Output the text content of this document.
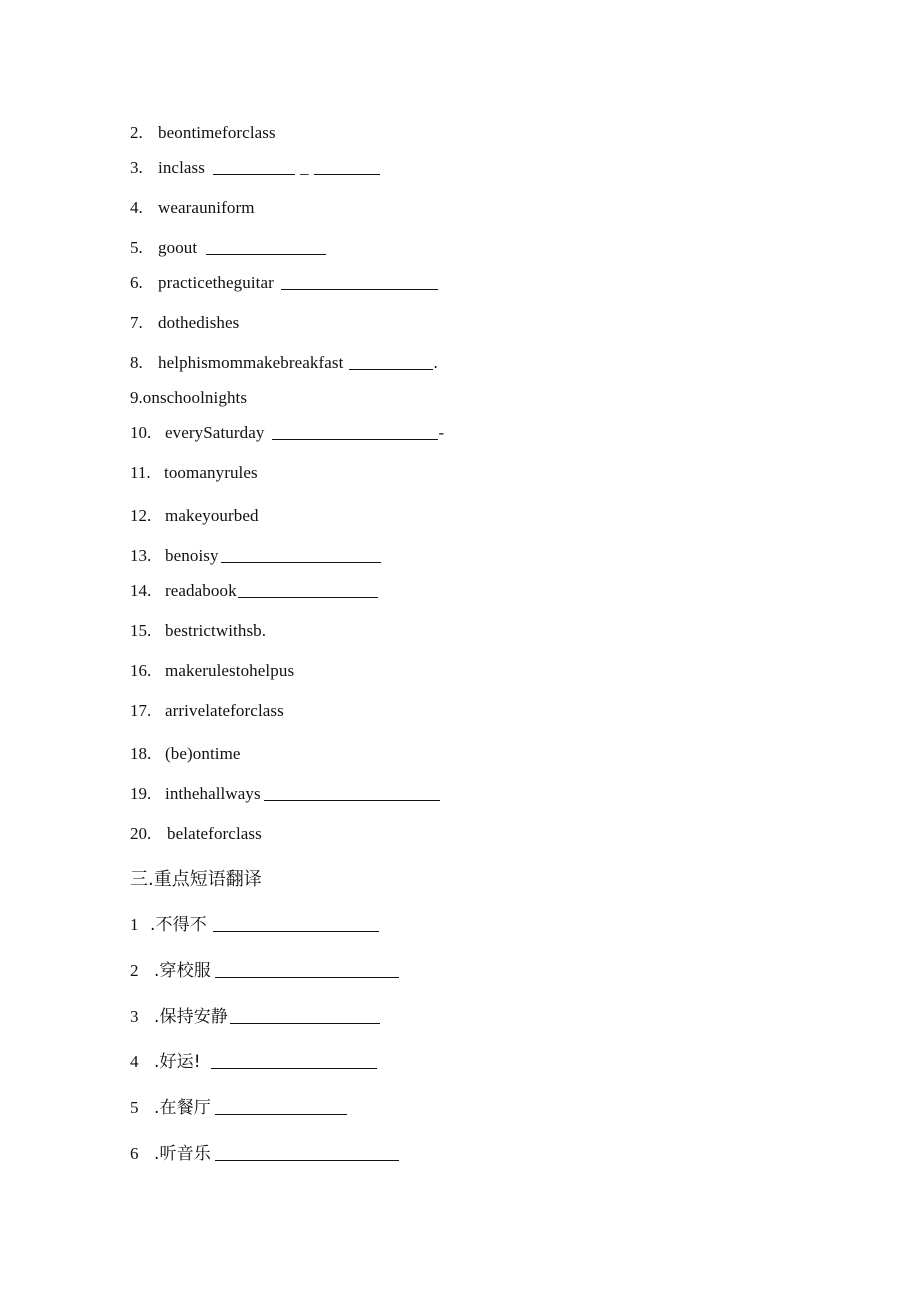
2. beontimeforclass
3. inclass	_
4. wearauniform
5. goout
6. practicetheguitar
7. dothedishes
8. helphismommakebreakfast	.
9. onschoolnights
10. everySaturday	-
11. toomanyrules
12. makeyourbed
13. benoisy
14. readabook
15. bestrictwithsb.
16. makerulestohelpus
17. arrivelateforclass
18. (be)ontime
19. inthehallways
20. belateforclass
三.重点短语翻译
1 .不得不
2 .穿校服
3 .保持安静
4 .好运!
5 .在餐厅
6 .听音乐
